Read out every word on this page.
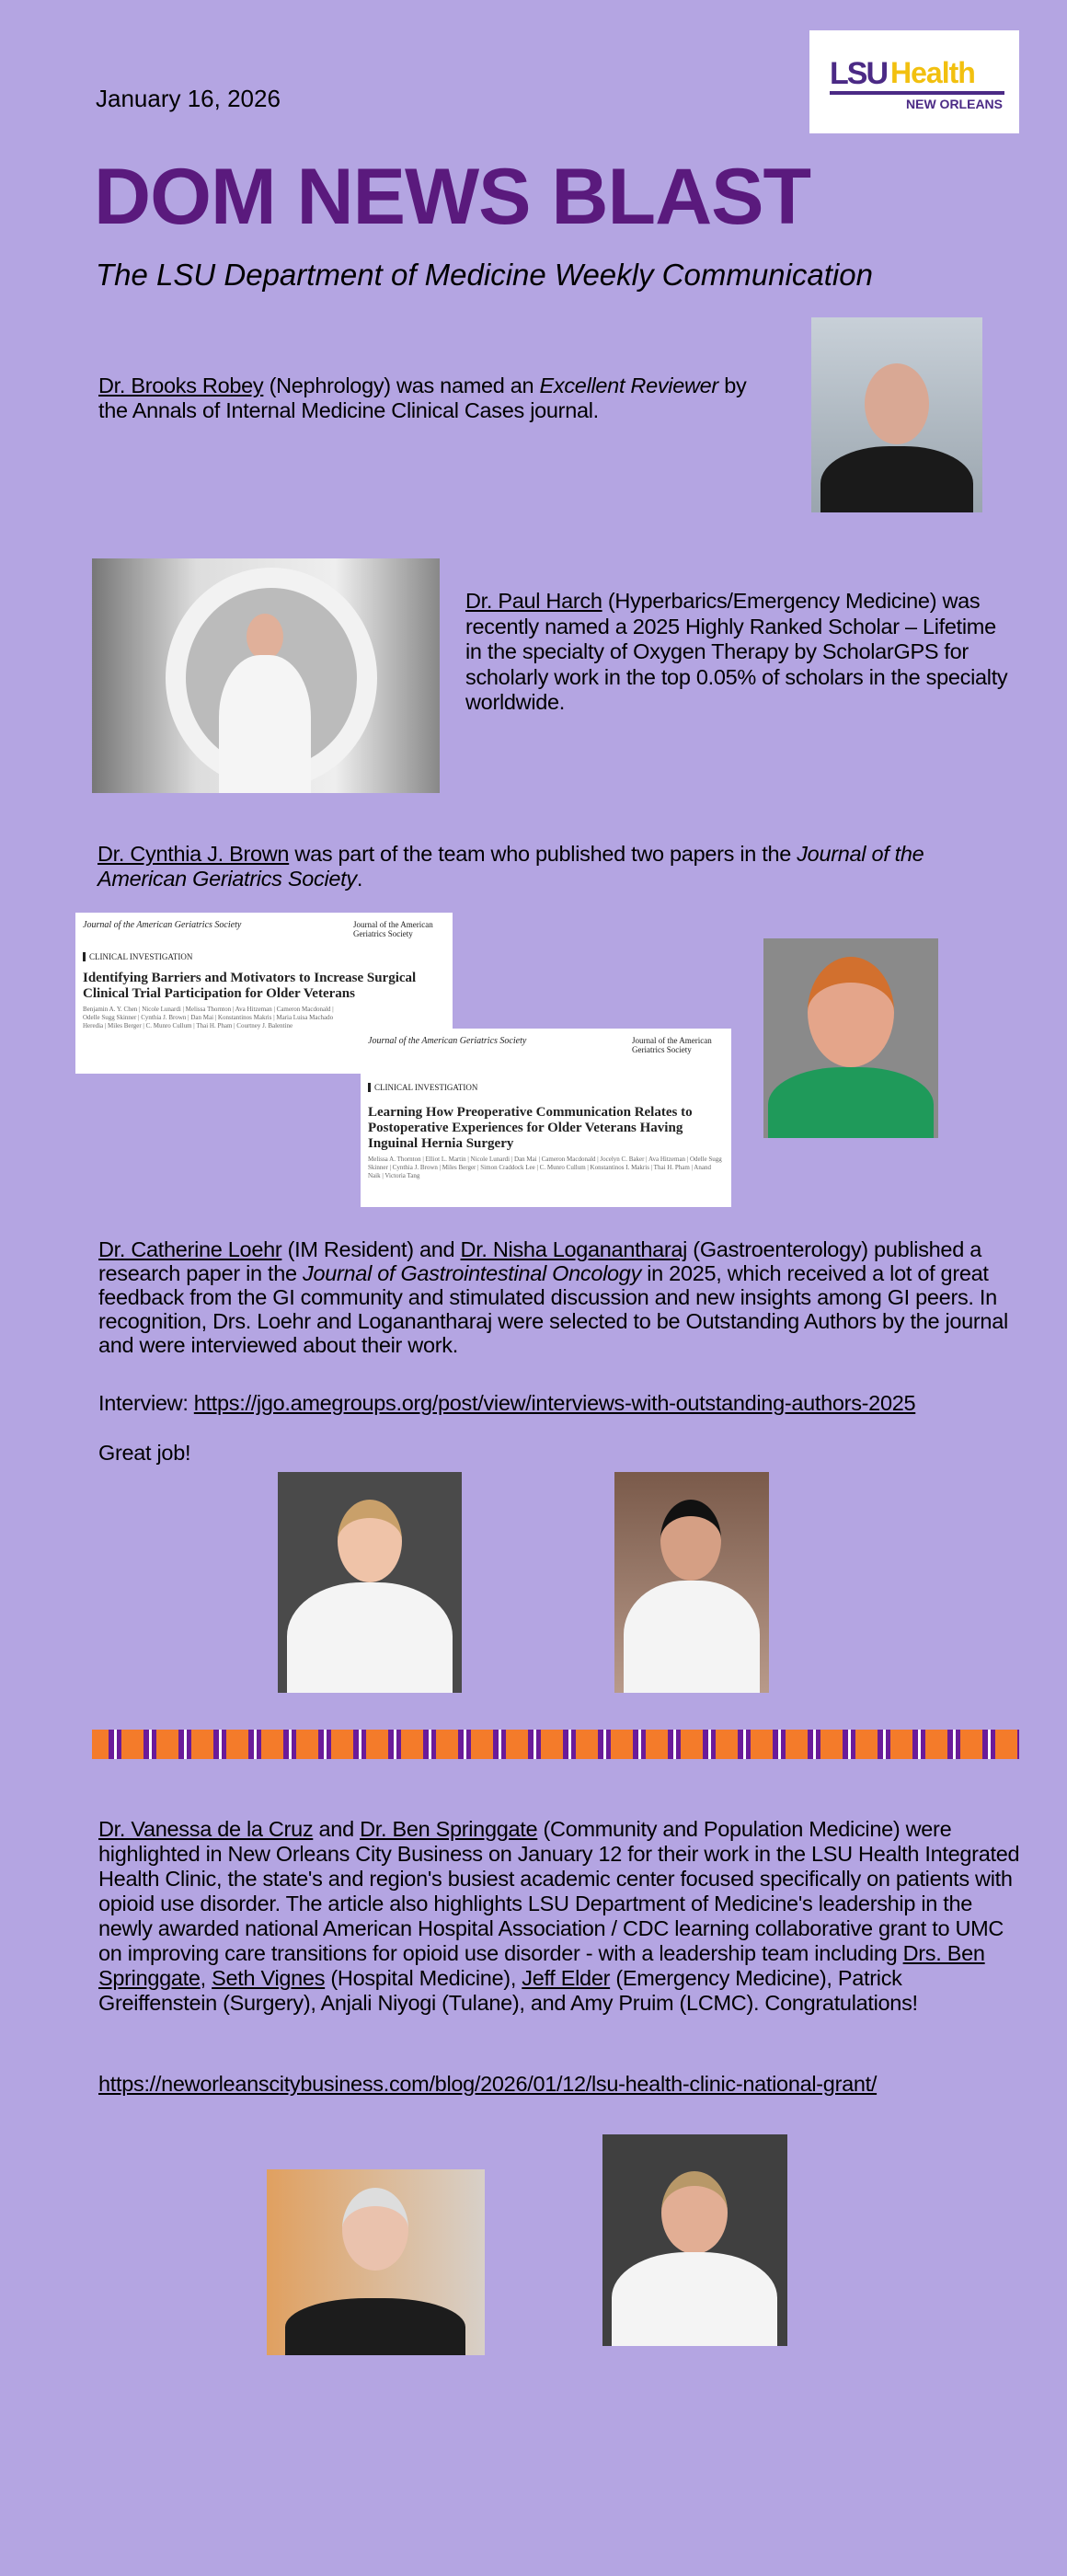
January 16, 2026
LSU Health
NEW ORLEANS
DOM NEWS BLAST
The LSU Department of Medicine Weekly Communication
Dr. Brooks Robey (Nephrology) was named an Excellent Reviewer by the Annals of Internal Medicine Clinical Cases journal.
Dr. Paul Harch (Hyperbarics/Emergency Medicine) was recently named a 2025 Highly Ranked Scholar – Lifetime in the specialty of Oxygen Therapy by ScholarGPS for scholarly work in the top 0.05% of scholars in the specialty worldwide.
Dr. Cynthia J. Brown was part of the team who published two papers in the Journal of the American Geriatrics Society.
Journal of the American Geriatrics Society	Journal of the American Geriatrics Society
CLINICAL INVESTIGATION
Identifying Barriers and Motivators to Increase Surgical Clinical Trial Participation for Older Veterans
Benjamin A. Y. Chen | Nicole Lunardi | Melissa Thornton | Ava Hitzeman | Cameron Macdonald | Odelle Sugg Skinner | Cynthia J. Brown | Dan Mai | Konstantinos Makris | Maria Luisa Machado Heredia | Miles Berger | C. Munro Cullum | Thai H. Pham | Courtney J. Balentine
Journal of the American Geriatrics Society	Journal of the American Geriatrics Society
CLINICAL INVESTIGATION
Learning How Preoperative Communication Relates to Postoperative Experiences for Older Veterans Having Inguinal Hernia Surgery
Melissa A. Thornton | Elliot L. Martin | Nicole Lunardi | Dan Mai | Cameron Macdonald | Jocelyn C. Baker | Ava Hitzeman | Odelle Sugg Skinner | Cynthia J. Brown | Miles Berger | Simon Craddock Lee | C. Munro Cullum | Konstantinos I. Makris | Thai H. Pham | Anand Naik | Victoria Tang
Dr. Catherine Loehr (IM Resident) and Dr. Nisha Loganantharaj (Gastroenterology) published a research paper in the Journal of Gastrointestinal Oncology in 2025, which received a lot of great feedback from the GI community and stimulated discussion and new insights among GI peers. In recognition, Drs. Loehr and Loganantharaj were selected to be Outstanding Authors by the journal and were interviewed about their work.
Interview: https://jgo.amegroups.org/post/view/interviews-with-outstanding-authors-2025
Great job!
Dr. Vanessa de la Cruz and Dr. Ben Springgate (Community and Population Medicine) were highlighted in New Orleans City Business on January 12 for their work in the LSU Health Integrated Health Clinic, the state's and region's busiest academic center focused specifically on patients with opioid use disorder. The article also highlights LSU Department of Medicine's leadership in the newly awarded national American Hospital Association / CDC learning collaborative grant to UMC on improving care transitions for opioid use disorder - with a leadership team including Drs. Ben Springgate, Seth Vignes (Hospital Medicine), Jeff Elder (Emergency Medicine), Patrick Greiffenstein (Surgery), Anjali Niyogi (Tulane), and Amy Pruim (LCMC). Congratulations!
https://neworleanscitybusiness.com/blog/2026/01/12/lsu-health-clinic-national-grant/
